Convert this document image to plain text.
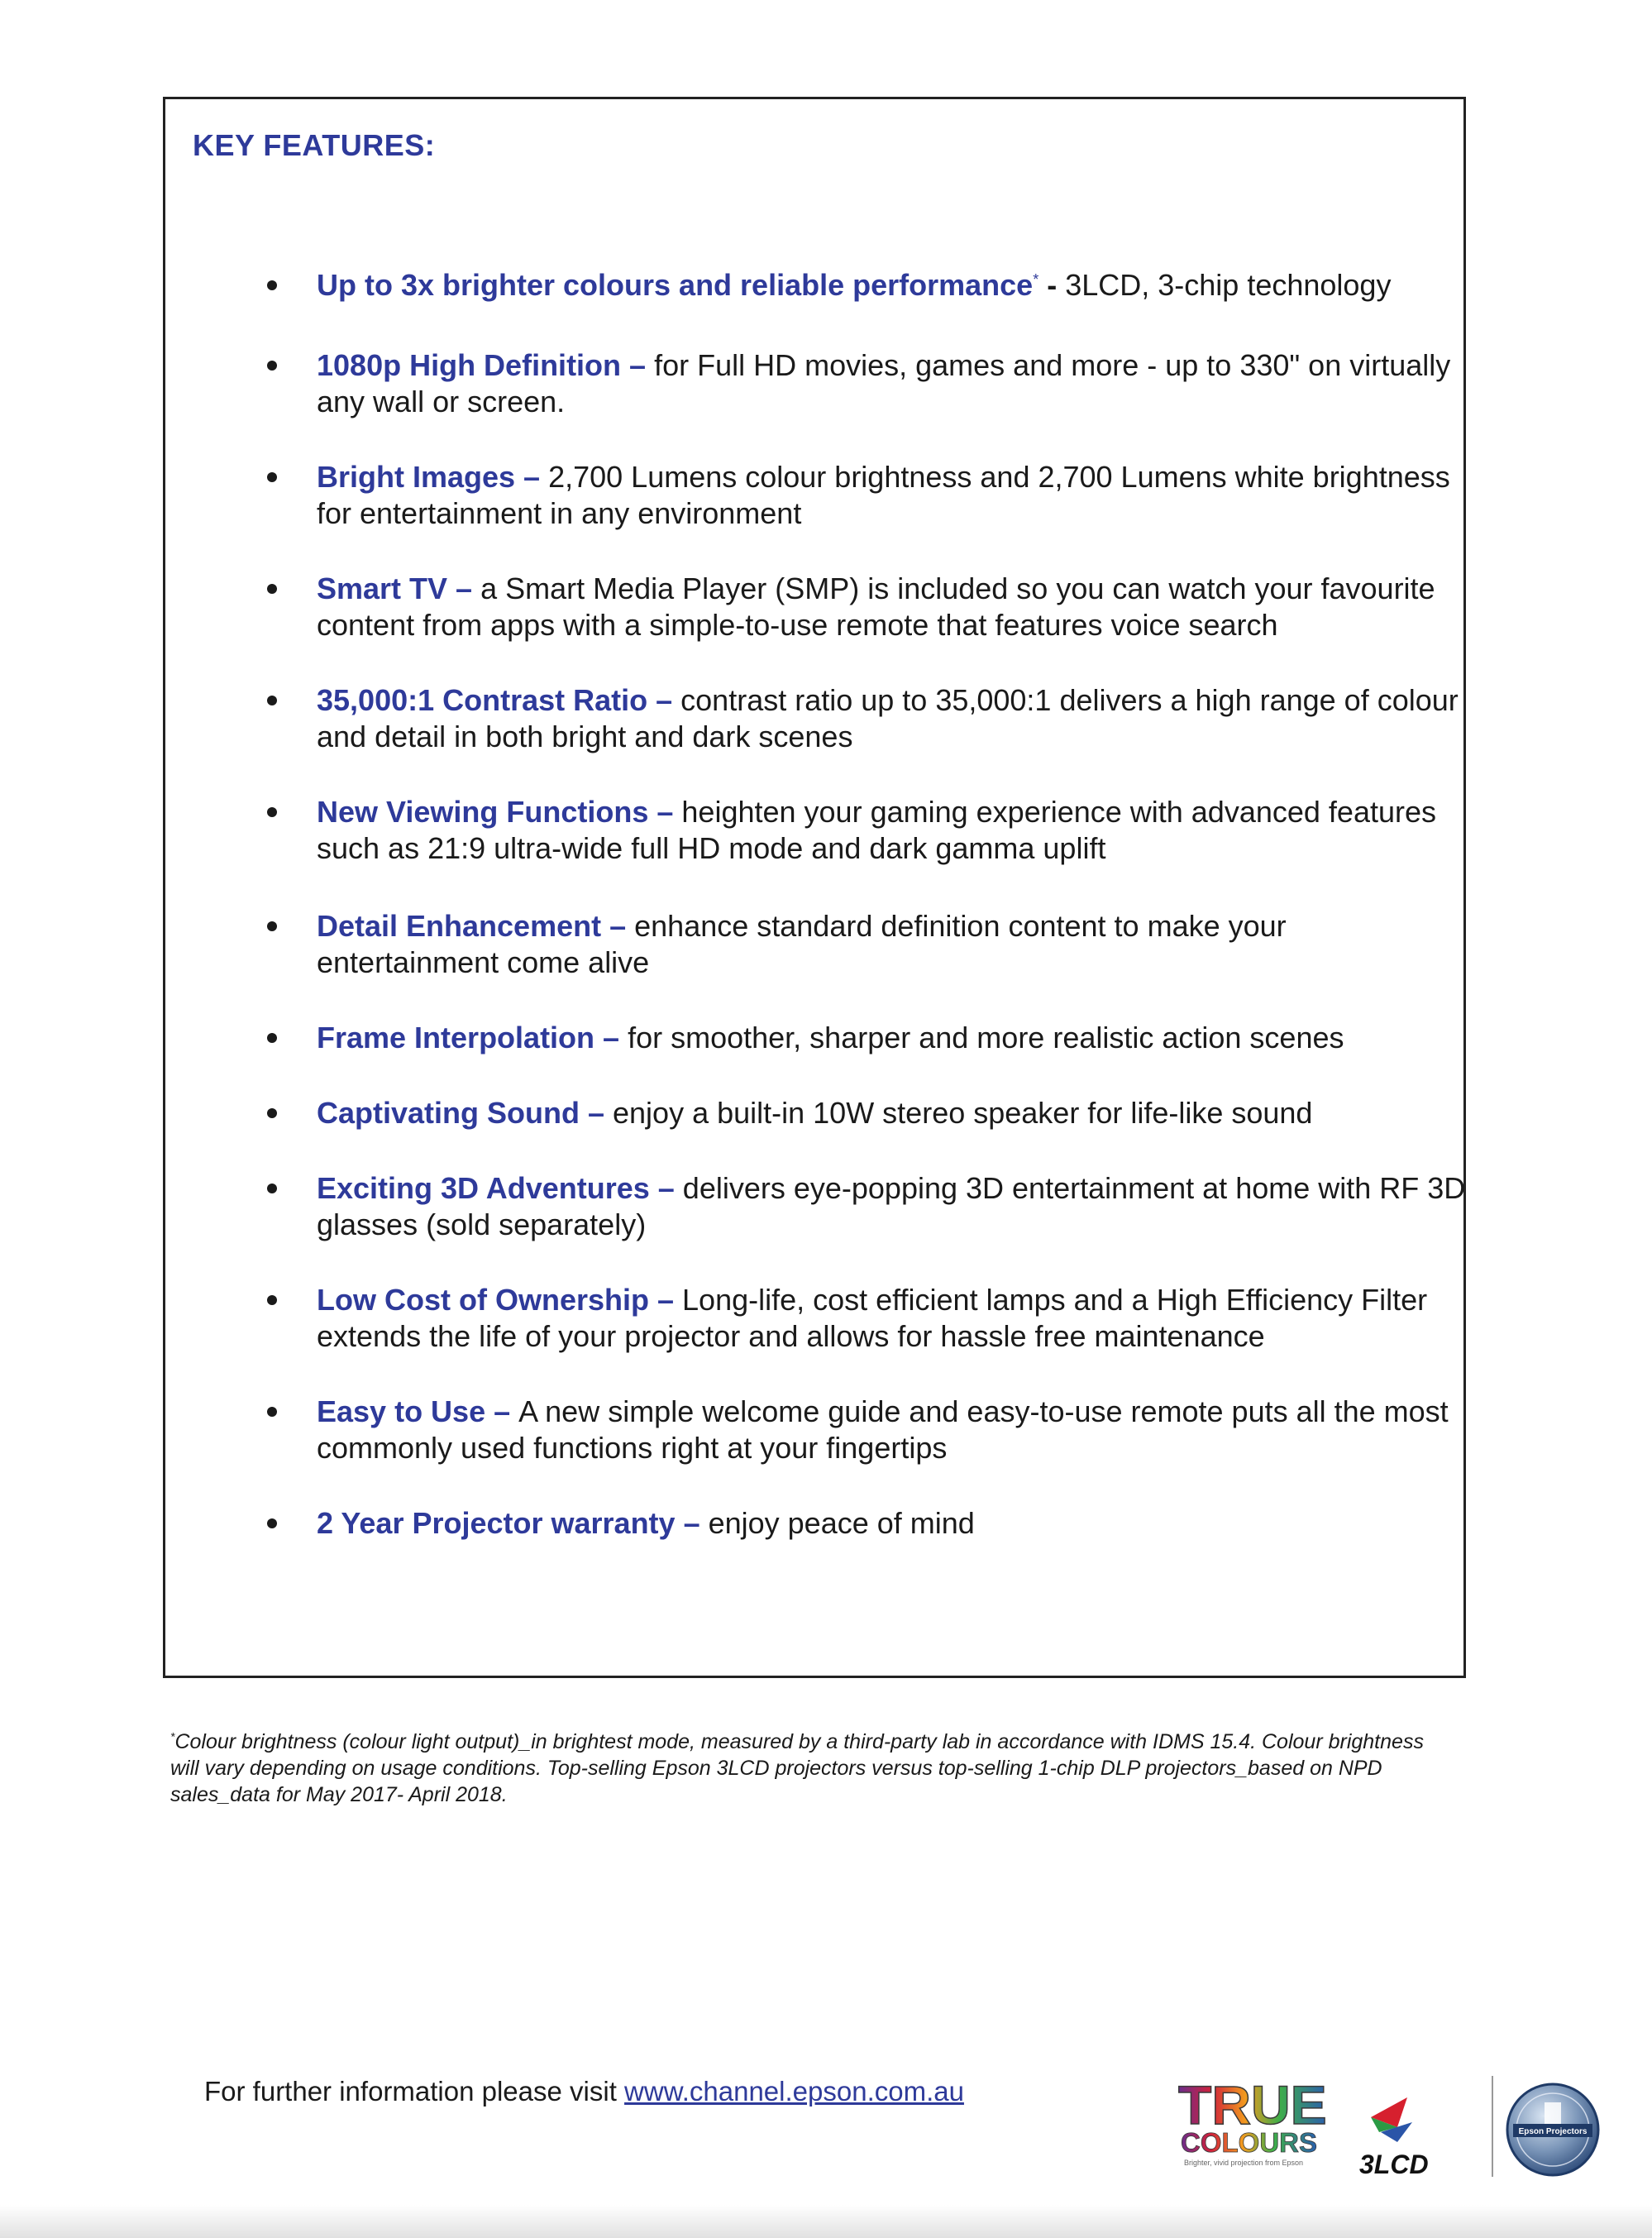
KEY FEATURES:
Up to 3x brighter colours and reliable performance* - 3LCD, 3-chip technology
1080p High Definition – for Full HD movies, games and more - up to 330" on virtually any wall or screen.
Bright Images – 2,700 Lumens colour brightness and 2,700 Lumens white brightness for entertainment in any environment
Smart TV – a Smart Media Player (SMP) is included so you can watch your favourite content from apps with a simple-to-use remote that features voice search
35,000:1 Contrast Ratio – contrast ratio up to 35,000:1 delivers a high range of colour and detail in both bright and dark scenes
New Viewing Functions – heighten your gaming experience with advanced features such as 21:9 ultra-wide full HD mode and dark gamma uplift
Detail Enhancement – enhance standard definition content to make your entertainment come alive
Frame Interpolation – for smoother, sharper and more realistic action scenes
Captivating Sound – enjoy a built-in 10W stereo speaker for life-like sound
Exciting 3D Adventures – delivers eye-popping 3D entertainment at home with RF 3D glasses (sold separately)
Low Cost of Ownership – Long-life, cost efficient lamps and a High Efficiency Filter extends the life of your projector and allows for hassle free maintenance
Easy to Use – A new simple welcome guide and easy-to-use remote puts all the most commonly used functions right at your fingertips
2 Year Projector warranty – enjoy peace of mind
*Colour brightness (colour light output)_in brightest mode, measured by a third-party lab in accordance with IDMS 15.4. Colour brightness will vary depending on usage conditions. Top-selling Epson 3LCD projectors versus top-selling 1-chip DLP projectors_based on NPD sales_data for May 2017- April 2018.
For further information please visit www.channel.epson.com.au	TRUE
COLOURS
Brighter, vivid projection from Epson 3LCD
Epson Projectors
